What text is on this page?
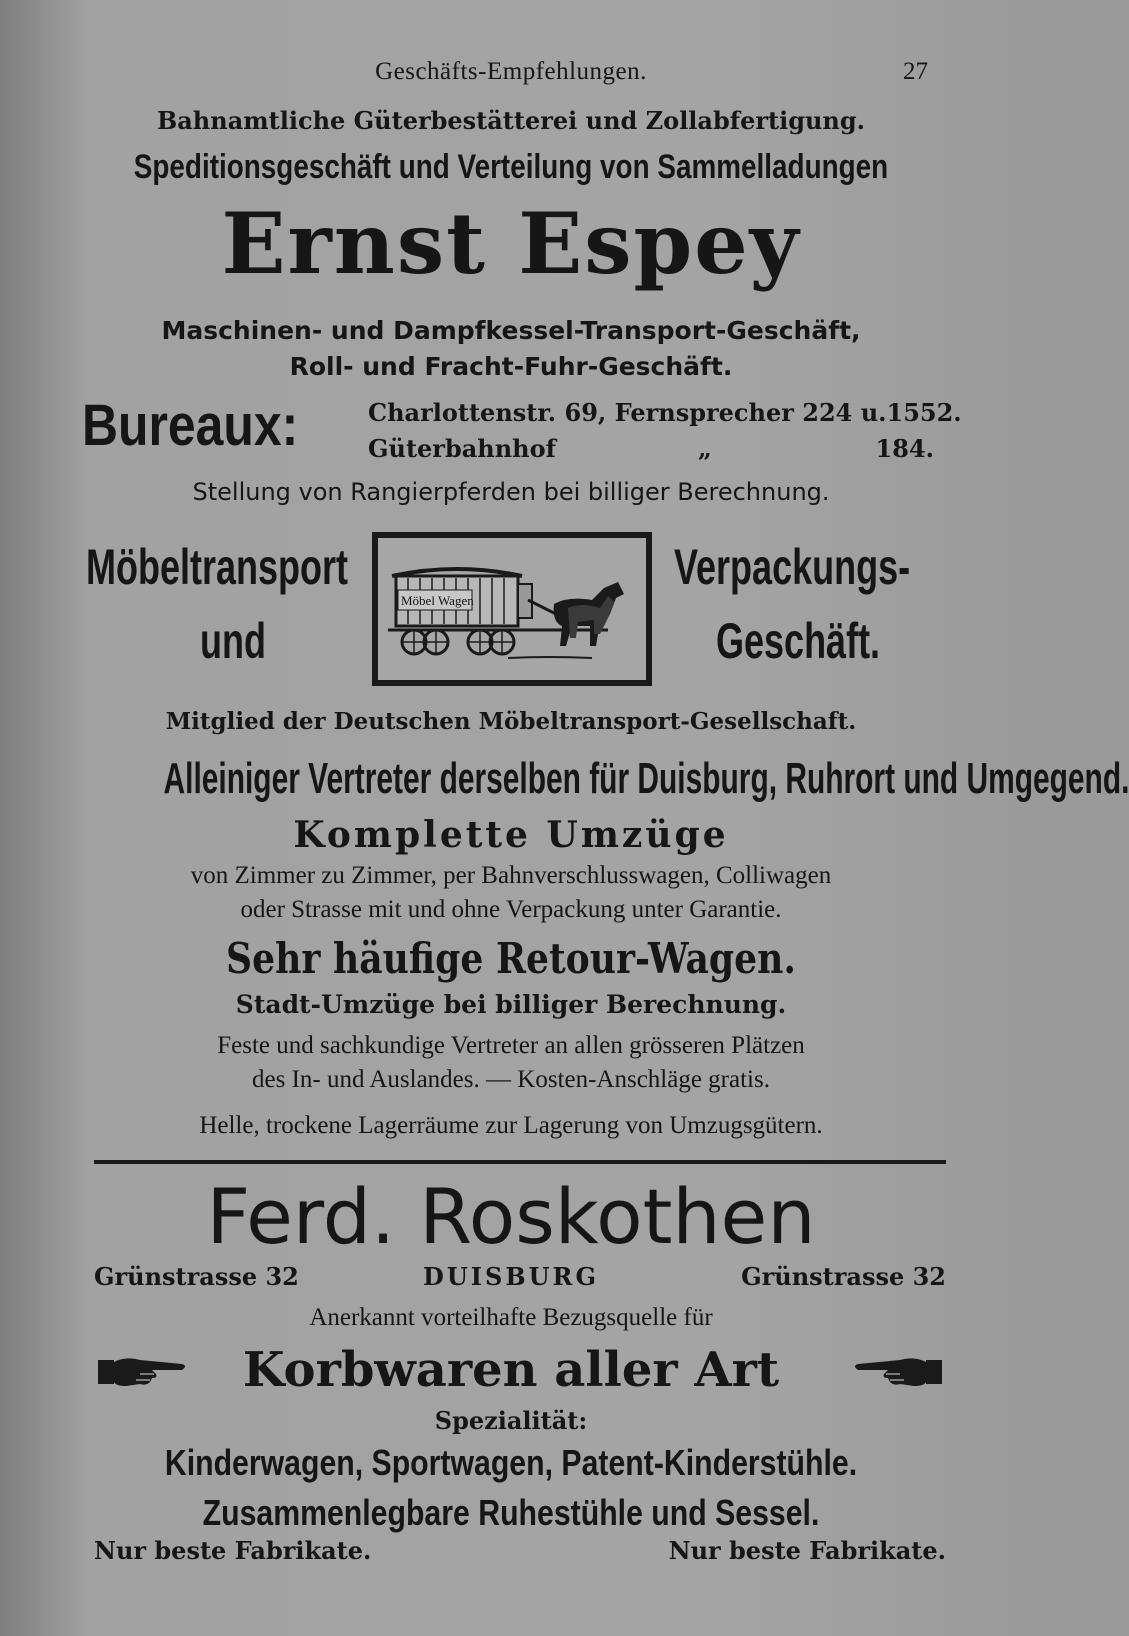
Geschäfts-Empfehlungen.	27
Bahnamtliche Güterbestätterei und Zollabfertigung.
Speditionsgeschäft und Verteilung von Sammelladungen
Ernst Espey
Maschinen- und Dampfkessel-Transport-Geschäft,
Roll- und Fracht-Fuhr-Geschäft.
Bureaux:	Charlottenstr. 69, Fernsprecher 224 u.1552.
Güterbahnhof	„	184.
Stellung von Rangierpferden bei billiger Berechnung.
Möbeltransport
und
Verpackungs-
Geschäft.
Möbel Wagen
Mitglied der Deutschen Möbeltransport-Gesellschaft.
Alleiniger Vertreter derselben für Duisburg, Ruhrort und Umgegend.
Komplette Umzüge
von Zimmer zu Zimmer, per Bahnverschlusswagen, Colliwagen
oder Strasse mit und ohne Verpackung unter Garantie.
Sehr häufige Retour-Wagen.
Stadt-Umzüge bei billiger Berechnung.
Feste und sachkundige Vertreter an allen grösseren Plätzen
des In- und Auslandes. — Kosten-Anschläge gratis.
Helle, trockene Lagerräume zur Lagerung von Umzugsgütern.
Ferd. Roskothen
Grünstrasse 32	DUISBURG	Grünstrasse 32
Anerkannt vorteilhafte Bezugsquelle für
Korbwaren aller Art
Spezialität:
Kinderwagen, Sportwagen, Patent-Kinderstühle.
Zusammenlegbare Ruhestühle und Sessel.
Nur beste Fabrikate.	Nur beste Fabrikate.
